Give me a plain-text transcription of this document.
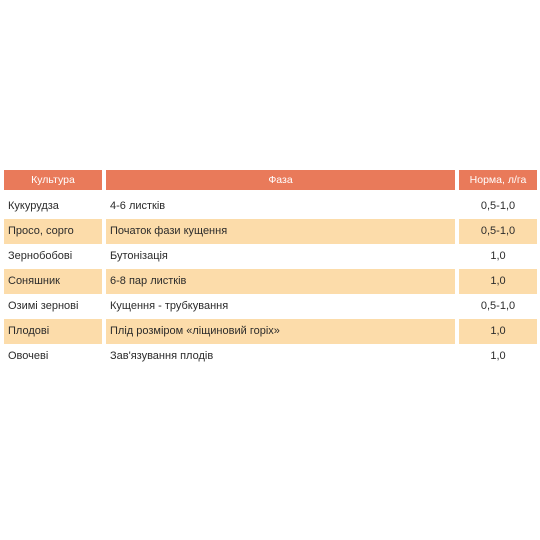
Культура	Фаза	Норма, л/га
Кукурудза	4-6 листків	0,5-1,0
Просо, сорго	Початок фази кущення	0,5-1,0
Зернобобові	Бутонізація	1,0
Соняшник	6-8 пар листків	1,0
Озимі зернові	Кущення - трубкування	0,5-1,0
Плодові	Плід розміром «ліщиновий горіх»	1,0
Овочеві	Зав'язування плодів	1,0
